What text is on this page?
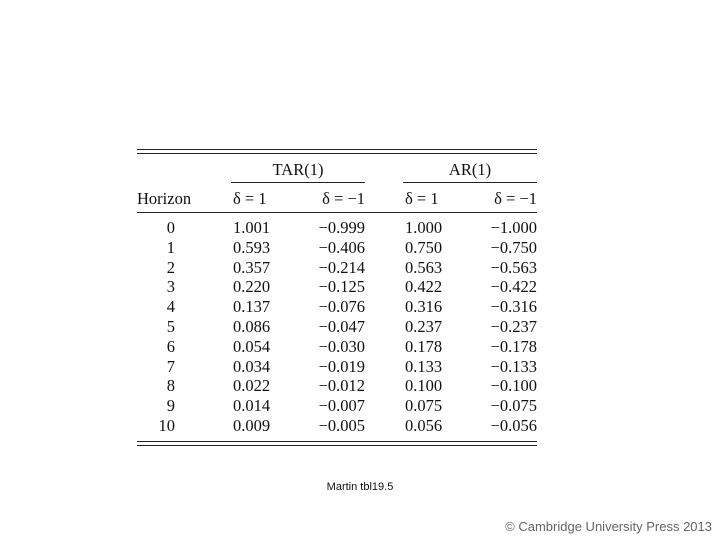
TAR(1)	AR(1)
Horizon	δ = 1	δ = −1 δ = 1	δ = −1
0	1.001	−0.999 1.000	−1.000
1	0.593	−0.406 0.750	−0.750
2	0.357	−0.214 0.563	−0.563
3	0.220	−0.125 0.422	−0.422
4	0.137	−0.076 0.316	−0.316
5	0.086	−0.047 0.237	−0.237
6	0.054	−0.030 0.178	−0.178
7	0.034	−0.019 0.133	−0.133
8	0.022	−0.012 0.100	−0.100
9	0.014	−0.007 0.075	−0.075
10	0.009	−0.005 0.056	−0.056
Martin tbl19.5
© Cambridge University Press 2013
